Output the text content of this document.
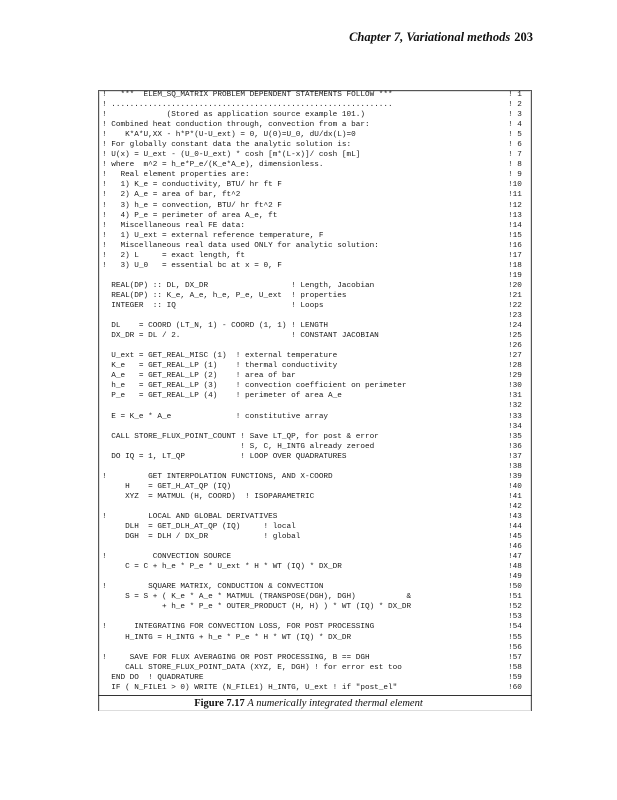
Chapter 7, Variational methods 203
!   ***  ELEM_SQ_MATRIX PROBLEM DEPENDENT STATEMENTS FOLLOW ***	! 1
! .............................................................	! 2
!             (Stored as application source example 101.)	! 3
! Combined heat conduction through, convection from a bar:	! 4
!    K*A*U,XX - h*P*(U-U_ext) = 0, U(0)=U_0, dU/dx(L)=0	! 5
! For globally constant data the analytic solution is:	! 6
! U(x) = U_ext - (U_0-U_ext) * cosh [m*(L-x)]/ cosh [mL]	! 7
! where  m^2 = h_e*P_e/(K_e*A_e), dimensionless.	! 8
!   Real element properties are:	! 9
!   1) K_e = conductivity, BTU/ hr ft F	!10
!   2) A_e = area of bar, ft^2	!11
!   3) h_e = convection, BTU/ hr ft^2 F	!12
!   4) P_e = perimeter of area A_e, ft	!13
!   Miscellaneous real FE data:	!14
!   1) U_ext = external reference temperature, F	!15
!   Miscellaneous real data used ONLY for analytic solution:	!16
!   2) L     = exact length, ft	!17
!   3) U_0   = essential bc at x = 0, F	!18
!19
REAL(DP) :: DL, DX_DR                  ! Length, Jacobian	!20
REAL(DP) :: K_e, A_e, h_e, P_e, U_ext  ! properties	!21
INTEGER  :: IQ                         ! Loops	!22
!23
DL    = COORD (LT_N, 1) - COORD (1, 1) ! LENGTH	!24
DX_DR = DL / 2.                        ! CONSTANT JACOBIAN	!25
!26
U_ext = GET_REAL_MISC (1)  ! external temperature	!27
K_e   = GET_REAL_LP (1)    ! thermal conductivity	!28
A_e   = GET_REAL_LP (2)    ! area of bar	!29
h_e   = GET_REAL_LP (3)    ! convection coefficient on perimeter	!30
P_e   = GET_REAL_LP (4)    ! perimeter of area A_e	!31
!32
E = K_e * A_e              ! constitutive array	!33
!34
CALL STORE_FLUX_POINT_COUNT ! Save LT_QP, for post & error	!35
! S, C, H_INTG already zeroed	!36
DO IQ = 1, LT_QP            ! LOOP OVER QUADRATURES	!37
!38
!         GET INTERPOLATION FUNCTIONS, AND X-COORD	!39
H    = GET_H_AT_QP (IQ)	!40
XYZ  = MATMUL (H, COORD)  ! ISOPARAMETRIC	!41
!42
!         LOCAL AND GLOBAL DERIVATIVES	!43
DLH  = GET_DLH_AT_QP (IQ)     ! local	!44
DGH  = DLH / DX_DR            ! global	!45
!46
!          CONVECTION SOURCE	!47
C = C + h_e * P_e * U_ext * H * WT (IQ) * DX_DR	!48
!49
!         SQUARE MATRIX, CONDUCTION & CONVECTION	!50
S = S + ( K_e * A_e * MATMUL (TRANSPOSE(DGH), DGH)           &	!51
+ h_e * P_e * OUTER_PRODUCT (H, H) ) * WT (IQ) * DX_DR	!52
!53
!      INTEGRATING FOR CONVECTION LOSS, FOR POST PROCESSING	!54
H_INTG = H_INTG + h_e * P_e * H * WT (IQ) * DX_DR	!55
!56
!     SAVE FOR FLUX AVERAGING OR POST PROCESSING, B == DGH	!57
CALL STORE_FLUX_POINT_DATA (XYZ, E, DGH) ! for error est too	!58
END DO  ! QUADRATURE	!59
IF ( N_FILE1 > 0) WRITE (N_FILE1) H_INTG, U_ext ! if "post_el"	!60
Figure 7.17 A numerically integrated thermal element
